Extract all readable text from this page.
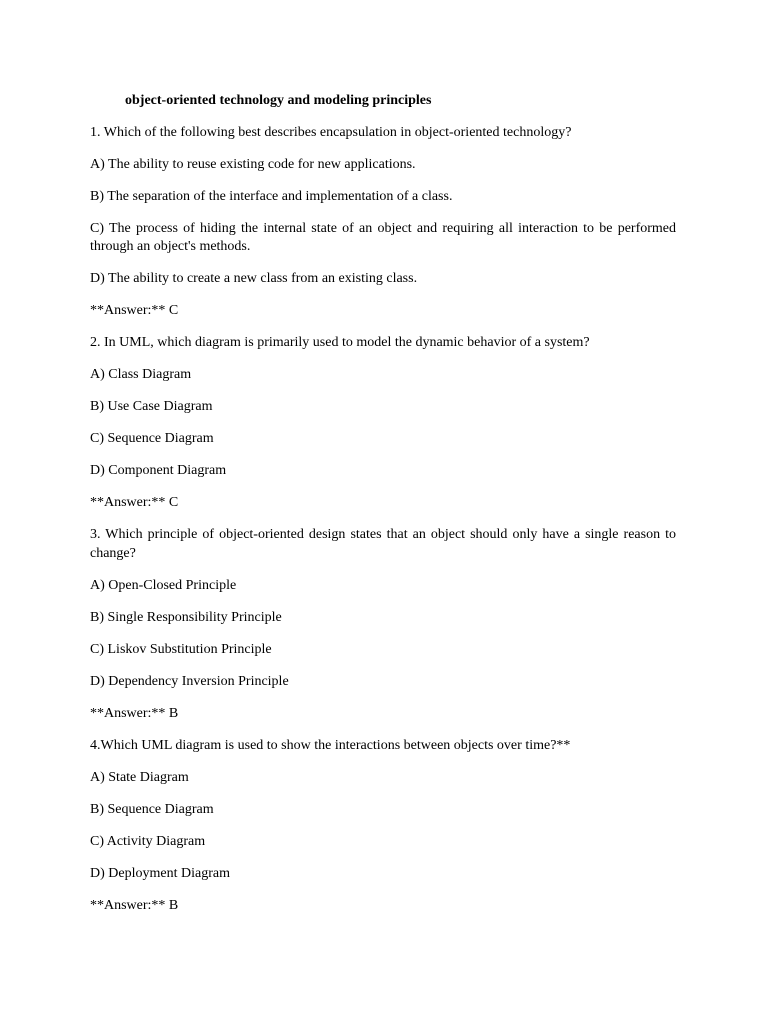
object-oriented technology and modeling principles

1. Which of the following best describes encapsulation in object-oriented technology?

A) The ability to reuse existing code for new applications.

B) The separation of the interface and implementation of a class.

C) The process of hiding the internal state of an object and requiring all interaction to be performed through an object's methods.

D) The ability to create a new class from an existing class.

**Answer:** C

2. In UML, which diagram is primarily used to model the dynamic behavior of a system?

A) Class Diagram

B) Use Case Diagram

C) Sequence Diagram

D) Component Diagram

**Answer:** C

3. Which principle of object-oriented design states that an object should only have a single reason to change?

A) Open-Closed Principle

B) Single Responsibility Principle

C) Liskov Substitution Principle

D) Dependency Inversion Principle

**Answer:** B

4.Which UML diagram is used to show the interactions between objects over time?**

A) State Diagram

B) Sequence Diagram

C) Activity Diagram

D) Deployment Diagram

**Answer:** B
